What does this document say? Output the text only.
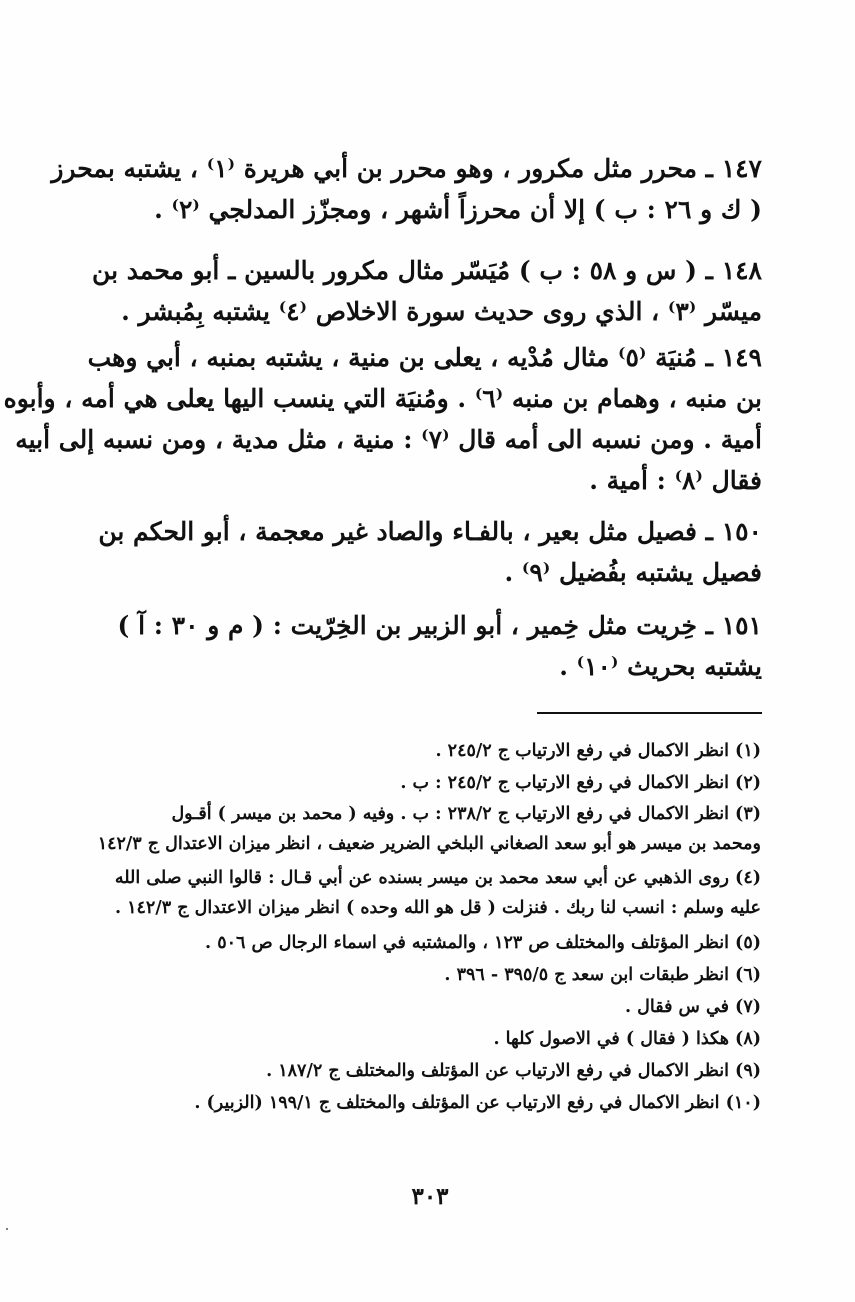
١٤٧ ـ محرر مثل مكرور ، وهو محرر بن أبي هريرة ⁽١⁾ ، يشتبه بمحرز
( ك و ٢٦ : ب ) إلا أن محرزاً أشهر ، ومجزّز المدلجي ⁽٢⁾ .
١٤٨ ـ ( س و ٥٨ : ب ) مُيَسّر مثال مكرور بالسين ـ أبو محمد بن
ميسّر ⁽٣⁾ ، الذي روى حديث سورة الاخلاص ⁽٤⁾ يشتبه بِمُبشر .
١٤٩ ـ مُنيَة ⁽٥⁾ مثال مُدْيه ، يعلى بن منية ، يشتبه بمنبه ، أبي وهب
بن منبه ، وهمام بن منبه ⁽٦⁾ . ومُنيَة التي ينسب اليها يعلى هي أمه ، وأبوه
أمية . ومن نسبه الى أمه قال ⁽٧⁾ : منية ، مثل مدية ، ومن نسبه إلى أبيه
فقال ⁽٨⁾ : أمية .
١٥٠ ـ فصيل مثل بعير ، بالفـاء والصاد غير معجمة ، أبو الحكم بن
فصيل يشتبه بفُضيل ⁽٩⁾ .
١٥١ ـ خِريت مثل خِمير ، أبو الزبير بن الخِرّيت : ( م و ٣٠ : آ )
يشتبه بحريث ⁽١٠⁾ .
(١) انظر الاكمال في رفع الارتياب ج ٢٤٥/٢ .
(٢) انظر الاكمال في رفع الارتياب ج ٢٤٥/٢ : ب .
(٣) انظر الاكمال في رفع الارتياب ج ٢٣٨/٢ : ب . وفيه ( محمد بن ميسر ) أقـول
ومحمد بن ميسر هو أبو سعد الصغاني البلخي الضرير ضعيف ، انظر ميزان الاعتدال ج ١٤٢/٣
(٤) روى الذهبي عن أبي سعد محمد بن ميسر بسنده عن أبي قـال : قالوا النبي صلى الله
عليه وسلم : انسب لنا ربك . فنزلت ( قل هو الله وحده ) انظر ميزان الاعتدال ج ١٤٢/٣ .
(٥) انظر المؤتلف والمختلف ص ١٢٣ ، والمشتبه في اسماء الرجال ص ٥٠٦ .
(٦) انظر طبقات ابن سعد ج ٣٩٥/٥ - ٣٩٦ .
(٧) في س فقال .
(٨) هكذا ( فقال ) في الاصول كلها .
(٩) انظر الاكمال في رفع الارتياب عن المؤتلف والمختلف ج ١٨٧/٢ .
(١٠) انظر الاكمال في رفع الارتياب عن المؤتلف والمختلف ج ١٩٩/١ (الزبير) .
٣٠٣
